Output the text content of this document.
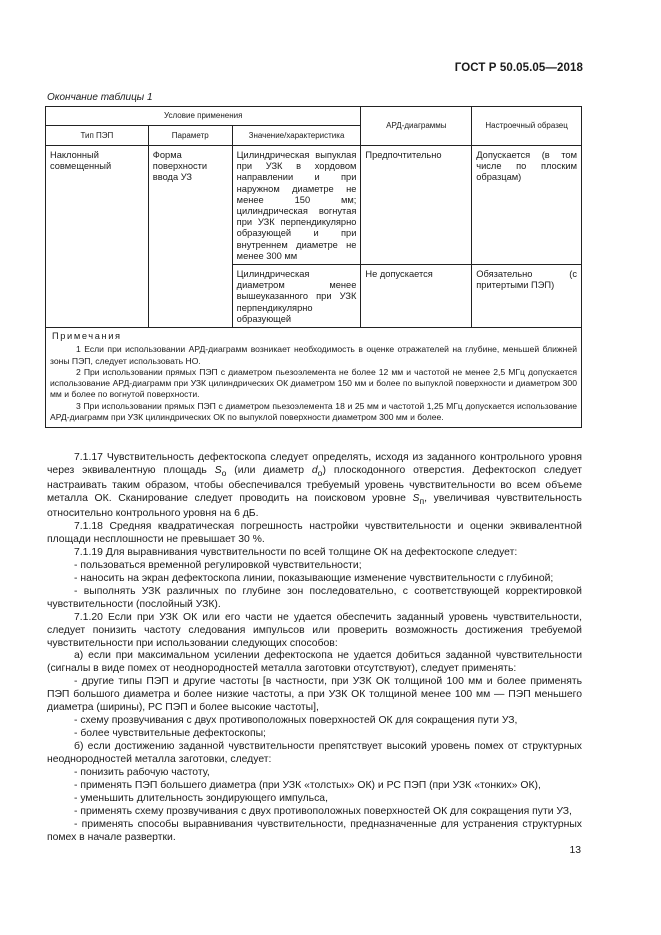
ГОСТ Р 50.05.05—2018
Окончание таблицы 1
Условие применения			АРД-диаграммы	Настроечный образец
Тип ПЭП	Параметр	Значение/характеристика		
Наклонный совмещенный	Форма поверхности ввода УЗ	Цилиндрическая выпуклая при УЗК в хордовом направлении и при наружном диаметре не менее 150 мм; цилиндрическая вогнутая при УЗК перпендикулярно образующей и при внутреннем диаметре не менее 300 мм	Предпочтительно	Допускается (в том числе по плоским образцам)
		Цилиндрическая диаметром менее вышеуказанного при УЗК перпендикулярно образующей	Не допускается	Обязательно (с притертыми ПЭП)

Примечания
1 Если при использовании АРД-диаграмм возникает необходимость в оценке отражателей на глубине, меньшей ближней зоны ПЭП, следует использовать НО.
2 При использовании прямых ПЭП с диаметром пьезоэлемента не более 12 мм и частотой не менее 2,5 МГц допускается использование АРД-диаграмм при УЗК цилиндрических ОК диаметром 150 мм и более по выпуклой поверхности и диаметром 300 мм и более по вогнутой поверхности.
3 При использовании прямых ПЭП с диаметром пьезоэлемента 18 и 25 мм и частотой 1,25 МГц допускается использование АРД-диаграмм при УЗК цилиндрических ОК по выпуклой поверхности диаметром 300 мм и более.				

7.1.17 Чувствительность дефектоскопа следует определять, исходя из заданного контрольного уровня через эквивалентную площадь $S_о$ (или диаметр $d_о$) плоскодонного отверстия. Дефектоскоп следует настраивать таким образом, чтобы обеспечивался требуемый уровень чувствительности во всем объеме металла ОК. Сканирование следует проводить на поисковом уровне $S_п$, увеличивая чувствительность относительно контрольного уровня на 6 дБ.

7.1.18 Средняя квадратическая погрешность настройки чувствительности и оценки эквивалентной площади несплошности не превышает 30 %.

7.1.19 Для выравнивания чувствительности по всей толщине ОК на дефектоскопе следует:

- пользоваться временной регулировкой чувствительности;

- наносить на экран дефектоскопа линии, показывающие изменение чувствительности с глубиной;

- выполнять УЗК различных по глубине зон последовательно, с соответствующей корректировкой чувствительности (послойный УЗК).

7.1.20 Если при УЗК ОК или его части не удается обеспечить заданный уровень чувствительности, следует понизить частоту следования импульсов или проверить возможность достижения требуемой чувствительности при использовании следующих способов:

а) если при максимальном усилении дефектоскопа не удается добиться заданной чувствительности (сигналы в виде помех от неоднородностей металла заготовки отсутствуют), следует применять:

- другие типы ПЭП и другие частоты [в частности, при УЗК ОК толщиной 100 мм и более применять ПЭП большого диаметра и более низкие частоты, а при УЗК ОК толщиной менее 100 мм — ПЭП меньшего диаметра (ширины), РС ПЭП и более высокие частоты],

- схему прозвучивания с двух противоположных поверхностей ОК для сокращения пути УЗ,

- более чувствительные дефектоскопы;

б) если достижению заданной чувствительности препятствует высокий уровень помех от структурных неоднородностей металла заготовки, следует:

- понизить рабочую частоту,

- применять ПЭП большего диаметра (при УЗК «толстых» ОК) и РС ПЭП (при УЗК «тонких» ОК),

- уменьшить длительность зондирующего импульса,

- применять схему прозвучивания с двух противоположных поверхностей ОК для сокращения пути УЗ,

- применять способы выравнивания чувствительности, предназначенные для устранения структурных помех в начале развертки.

13
